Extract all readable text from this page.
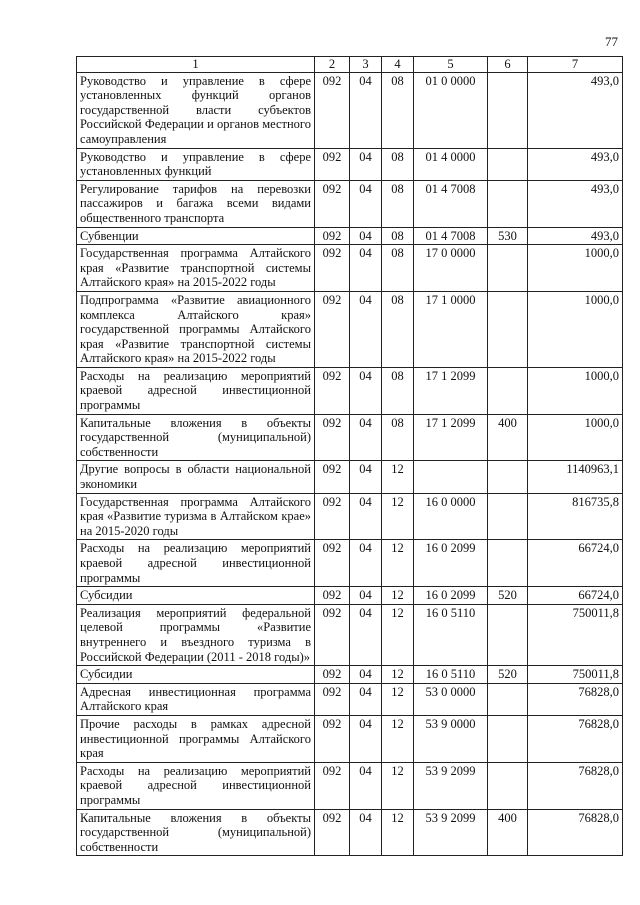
77
1	2	3	4	5	6	7
Руководство и управление в сфере установленных функций органов государственной власти субъектов Российской Федерации и органов местного самоуправления	092	04	08	01 0 0000		493,0
Руководство и управление в сфере установленных функций	092	04	08	01 4 0000		493,0
Регулирование тарифов на перевозки пассажиров и багажа всеми видами общественного транспорта	092	04	08	01 4 7008		493,0
Субвенции	092	04	08	01 4 7008	530	493,0
Государственная программа Алтайского края «Развитие транспортной системы Алтайского края» на 2015-2022 годы	092	04	08	17 0 0000		1000,0
Подпрограмма «Развитие авиационного комплекса Алтайского края» государственной программы Алтайского края «Развитие транспортной системы Алтайского края» на 2015-2022 годы	092	04	08	17 1 0000		1000,0
Расходы на реализацию мероприятий краевой адресной инвестиционной программы	092	04	08	17 1 2099		1000,0
Капитальные вложения в объекты государственной (муниципальной) собственности	092	04	08	17 1 2099	400	1000,0
Другие вопросы в области национальной экономики	092	04	12			1140963,1
Государственная программа Алтайского края «Развитие туризма в Алтайском крае» на 2015-2020 годы	092	04	12	16 0 0000		816735,8
Расходы на реализацию мероприятий краевой адресной инвестиционной программы	092	04	12	16 0 2099		66724,0
Субсидии	092	04	12	16 0 2099	520	66724,0
Реализация мероприятий федеральной целевой программы «Развитие внутреннего и въездного туризма в Российской Федерации (2011 - 2018 годы)»	092	04	12	16 0 5110		750011,8
Субсидии	092	04	12	16 0 5110	520	750011,8
Адресная инвестиционная программа Алтайского края	092	04	12	53 0 0000		76828,0
Прочие расходы в рамках адресной инвестиционной программы Алтайского края	092	04	12	53 9 0000		76828,0
Расходы на реализацию мероприятий краевой адресной инвестиционной программы	092	04	12	53 9 2099		76828,0
Капитальные вложения в объекты государственной (муниципальной) собственности	092	04	12	53 9 2099	400	76828,0
